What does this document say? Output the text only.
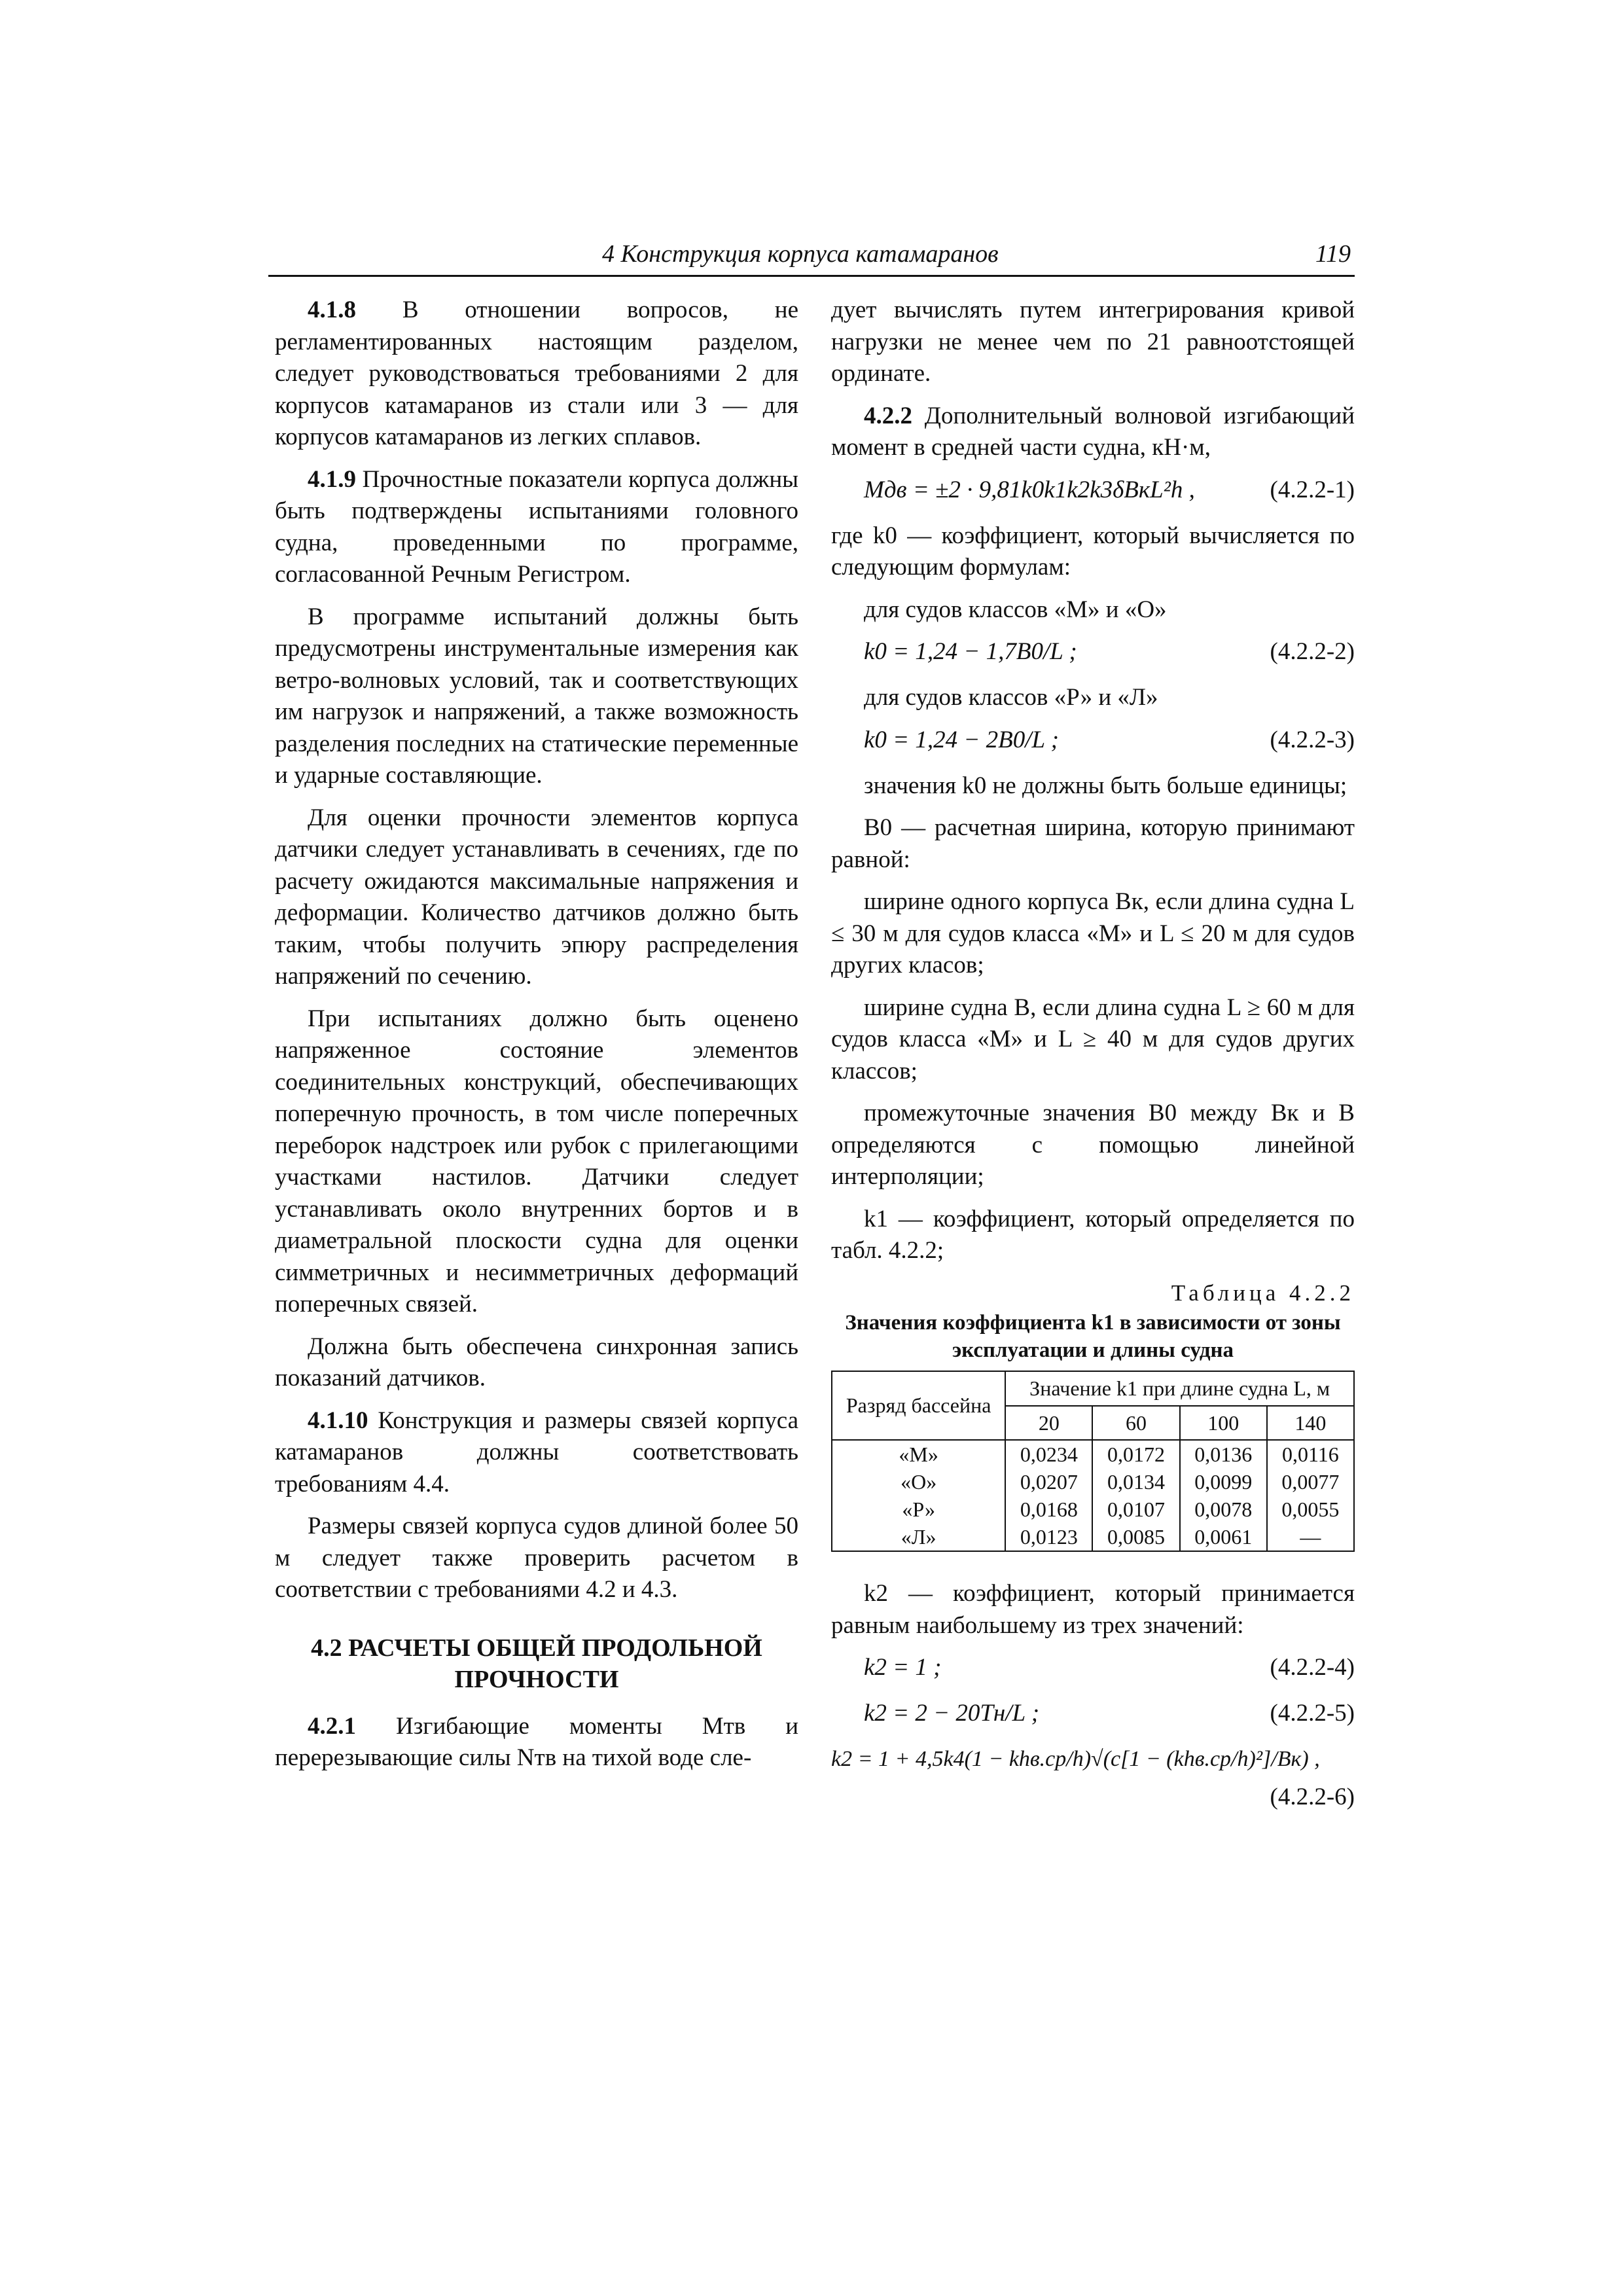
4 Конструкция корпуса катамаранов	119

4.1.8 В отношении вопросов, не регламентированных настоящим разделом, следует руководствоваться требованиями 2 для корпусов катамаранов из стали или 3 — для корпусов катамаранов из легких сплавов.

4.1.9 Прочностные показатели корпуса должны быть подтверждены испытаниями головного судна, проведенными по программе, согласованной Речным Регистром.

В программе испытаний должны быть предусмотрены инструментальные измерения как ветро-волновых условий, так и соответствующих им нагрузок и напряжений, а также возможность разделения последних на статические переменные и ударные составляющие.

Для оценки прочности элементов корпуса датчики следует устанавливать в сечениях, где по расчету ожидаются максимальные напряжения и деформации. Количество датчиков должно быть таким, чтобы получить эпюру распределения напряжений по сечению.

При испытаниях должно быть оценено напряженное состояние элементов соединительных конструкций, обеспечивающих поперечную прочность, в том числе поперечных переборок надстроек или рубок с прилегающими участками настилов. Датчики следует устанавливать около внутренних бортов и в диаметральной плоскости судна для оценки симметричных и несимметричных деформаций поперечных связей.

Должна быть обеспечена синхронная запись показаний датчиков.

4.1.10 Конструкция и размеры связей корпуса катамаранов должны соответствовать требованиям 4.4.

Размеры связей корпуса судов длиной более 50 м следует также проверить расчетом в соответствии с требованиями 4.2 и 4.3.

4.2 РАСЧЕТЫ ОБЩЕЙ ПРОДОЛЬНОЙ ПРОЧНОСТИ

4.2.1 Изгибающие моменты Mтв и перерезывающие силы Nтв на тихой воде сле-

дует вычислять путем интегрирования кривой нагрузки не менее чем по 21 равноотстоящей ординате.

4.2.2 Дополнительный волновой изгибающий момент в средней части судна, кН·м,

Mдв = ±2 · 9,81k0k1k2k3δBкL²h ,	(4.2.2-1)

где k0 — коэффициент, который вычисляется по следующим формулам:

для судов классов «М» и «О»

k0 = 1,24 − 1,7B0/L ;	(4.2.2-2)

для судов классов «Р» и «Л»

k0 = 1,24 − 2B0/L ;	(4.2.2-3)

значения k0 не должны быть больше единицы;

B0 — расчетная ширина, которую принимают равной:

ширине одного корпуса Bк, если длина судна L ≤ 30 м для судов класса «М» и L ≤ 20 м для судов других класов;

ширине судна B, если длина судна L ≥ 60 м для судов класса «М» и L ≥ 40 м для судов других классов;

промежуточные значения B0 между Bк и B определяются с помощью линейной интерполяции;

k1 — коэффициент, который определяется по табл. 4.2.2;

Таблица 4.2.2

Значения коэффициента k1 в зависимости от зоны эксплуатации и длины судна

Разряд бассейна	Значение k1 при длине судна L, м			
	20	60	100	140
«М»	0,0234	0,0172	0,0136	0,0116
«О»	0,0207	0,0134	0,0099	0,0077
«Р»	0,0168	0,0107	0,0078	0,0055
«Л»	0,0123	0,0085	0,0061	—

k2 — коэффициент, который принимается равным наибольшему из трех значений:

k2 = 1 ;	(4.2.2-4)
k2 = 2 − 20Tн/L ;	(4.2.2-5)
k2 = 1 + 4,5k4(1 − khв.ср/h)√(c[1 − (khв.ср/h)²]/Bк) ,
(4.2.2-6)
